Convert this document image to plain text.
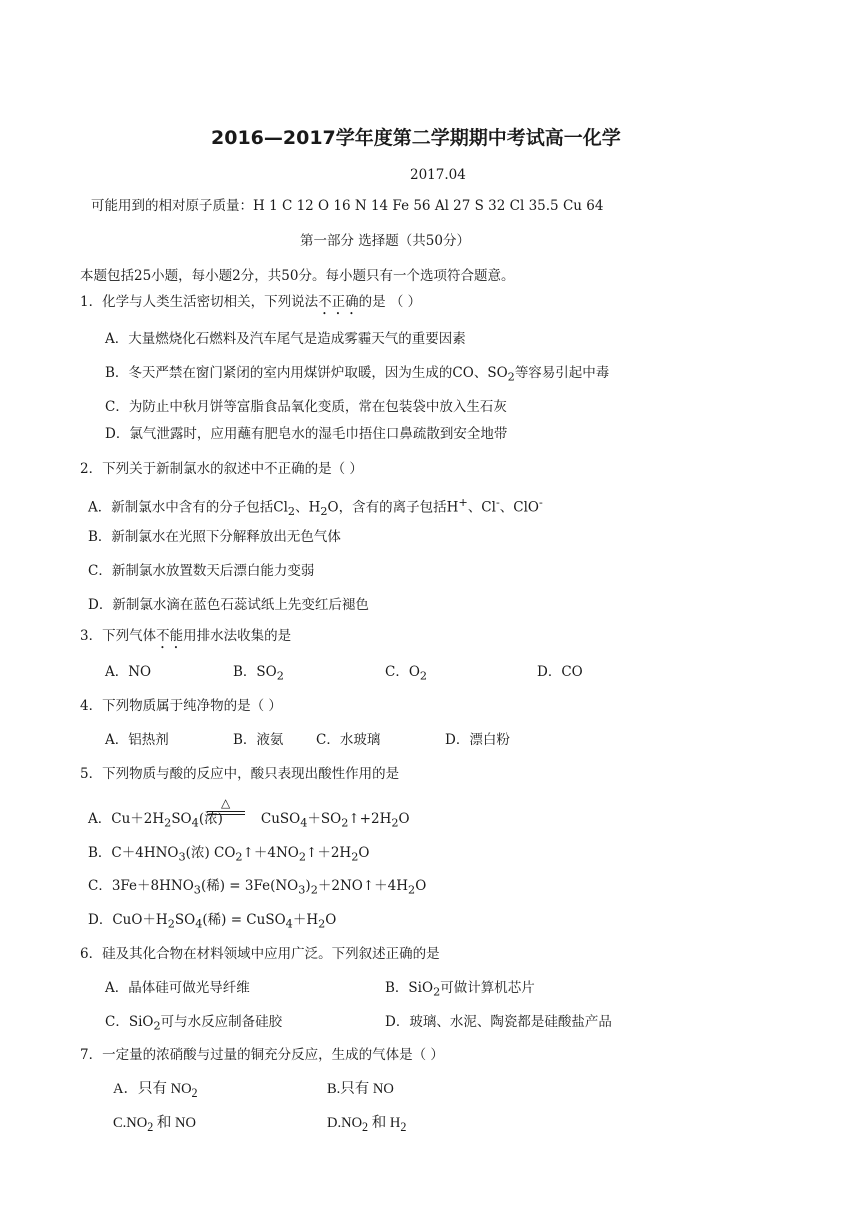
2016—2017学年度第二学期期中考试高一化学
2017.04
可能用到的相对原子质量：H 1 C 12 O 16 N 14 Fe 56 Al 27 S 32 Cl 35.5 Cu 64
第一部分 选择题（共50分）
本题包括25小题，每小题2分，共50分。每小题只有一个选项符合题意。
1．化学与人类生活密切相关，下列说法不正确的是 （ ）
A．大量燃烧化石燃料及汽车尾气是造成雾霾天气的重要因素
B．冬天严禁在窗门紧闭的室内用煤饼炉取暖，因为生成的CO、$SO_2$等容易引起中毒
C．为防止中秋月饼等富脂食品氧化变质，常在包装袋中放入生石灰
D．氯气泄露时，应用蘸有肥皂水的湿毛巾捂住口鼻疏散到安全地带
2．下列关于新制氯水的叙述中不正确的是（ ）
A．新制氯水中含有的分子包括$Cl_2$、$H_2O$，含有的离子包括H+、Cl-、ClO-
B．新制氯水在光照下分解释放出无色气体
C．新制氯水放置数天后漂白能力变弱
D．新制氯水滴在蓝色石蕊试纸上先变红后褪色
3．下列气体不能用排水法收集的是
A．NO	B．$SO_2$	C．$O_2$	D．CO
4．下列物质属于纯净物的是（ ）
A．铝热剂	B．液氨 C．水玻璃	D．漂白粉
5．下列物质与酸的反应中，酸只表现出酸性作用的是
△
A．$Cu+2H_2SO_4$(浓)	$CuSO_4+SO_2↑+2H_2O$
B．$C+4HNO_3$(浓) $CO_2↑+4NO_2↑+2H_2O$
C．$3Fe+8HNO_3$(稀) = $3Fe(NO_3)_2+2NO↑+4H_2O$
D．$CuO+H_2SO_4$(稀) = $CuSO_4+H_2O$
6．硅及其化合物在材料领域中应用广泛。下列叙述正确的是
A．晶体硅可做光导纤维	B．SiO$_2$可做计算机芯片
C．SiO$_2$可与水反应制备硅胶	D．玻璃、水泥、陶瓷都是硅酸盐产品
7．一定量的浓硝酸与过量的铜充分反应，生成的气体是（ ）
A．只有 $NO_2$	B.只有 NO
$C.NO_2$ 和 NO	$D.NO_2$ 和 $H_2$
